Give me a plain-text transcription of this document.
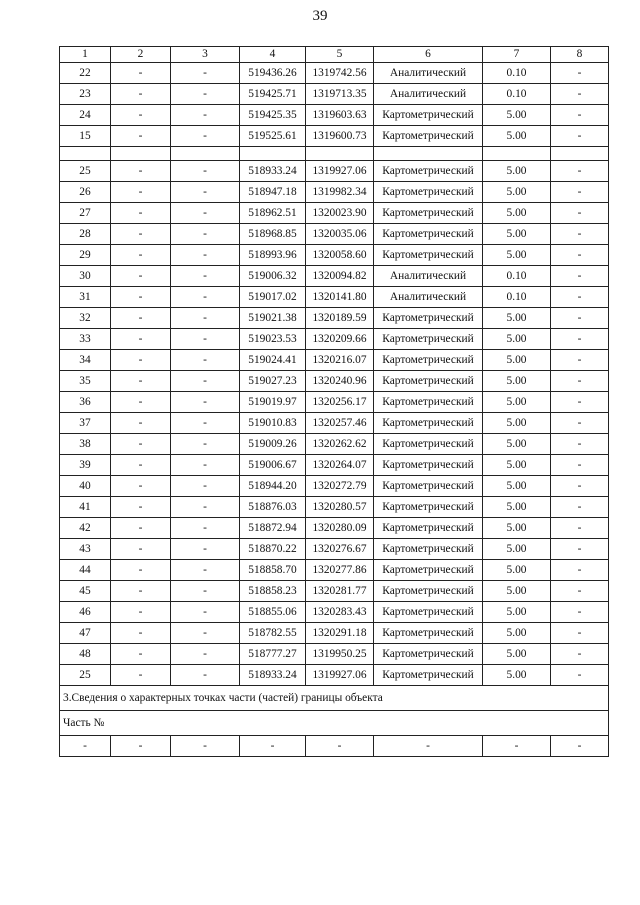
39
1	2	3	4	5	6	7	8
22	-	-	519436.26	1319742.56	Аналитический	0.10	-
23	-	-	519425.71	1319713.35	Аналитический	0.10	-
24	-	-	519425.35	1319603.63	Картометрический	5.00	-
15	-	-	519525.61	1319600.73	Картометрический	5.00	-

25	-	-	518933.24	1319927.06	Картометрический	5.00	-
26	-	-	518947.18	1319982.34	Картометрический	5.00	-
27	-	-	518962.51	1320023.90	Картометрический	5.00	-
28	-	-	518968.85	1320035.06	Картометрический	5.00	-
29	-	-	518993.96	1320058.60	Картометрический	5.00	-
30	-	-	519006.32	1320094.82	Аналитический	0.10	-
31	-	-	519017.02	1320141.80	Аналитический	0.10	-
32	-	-	519021.38	1320189.59	Картометрический	5.00	-
33	-	-	519023.53	1320209.66	Картометрический	5.00	-
34	-	-	519024.41	1320216.07	Картометрический	5.00	-
35	-	-	519027.23	1320240.96	Картометрический	5.00	-
36	-	-	519019.97	1320256.17	Картометрический	5.00	-
37	-	-	519010.83	1320257.46	Картометрический	5.00	-
38	-	-	519009.26	1320262.62	Картометрический	5.00	-
39	-	-	519006.67	1320264.07	Картометрический	5.00	-
40	-	-	518944.20	1320272.79	Картометрический	5.00	-
41	-	-	518876.03	1320280.57	Картометрический	5.00	-
42	-	-	518872.94	1320280.09	Картометрический	5.00	-
43	-	-	518870.22	1320276.67	Картометрический	5.00	-
44	-	-	518858.70	1320277.86	Картометрический	5.00	-
45	-	-	518858.23	1320281.77	Картометрический	5.00	-
46	-	-	518855.06	1320283.43	Картометрический	5.00	-
47	-	-	518782.55	1320291.18	Картометрический	5.00	-
48	-	-	518777.27	1319950.25	Картометрический	5.00	-
25	-	-	518933.24	1319927.06	Картометрический	5.00	-
3.Сведения о характерных точках части (частей) границы объекта							
Часть №							
-	-	-	-	-	-	-	-
